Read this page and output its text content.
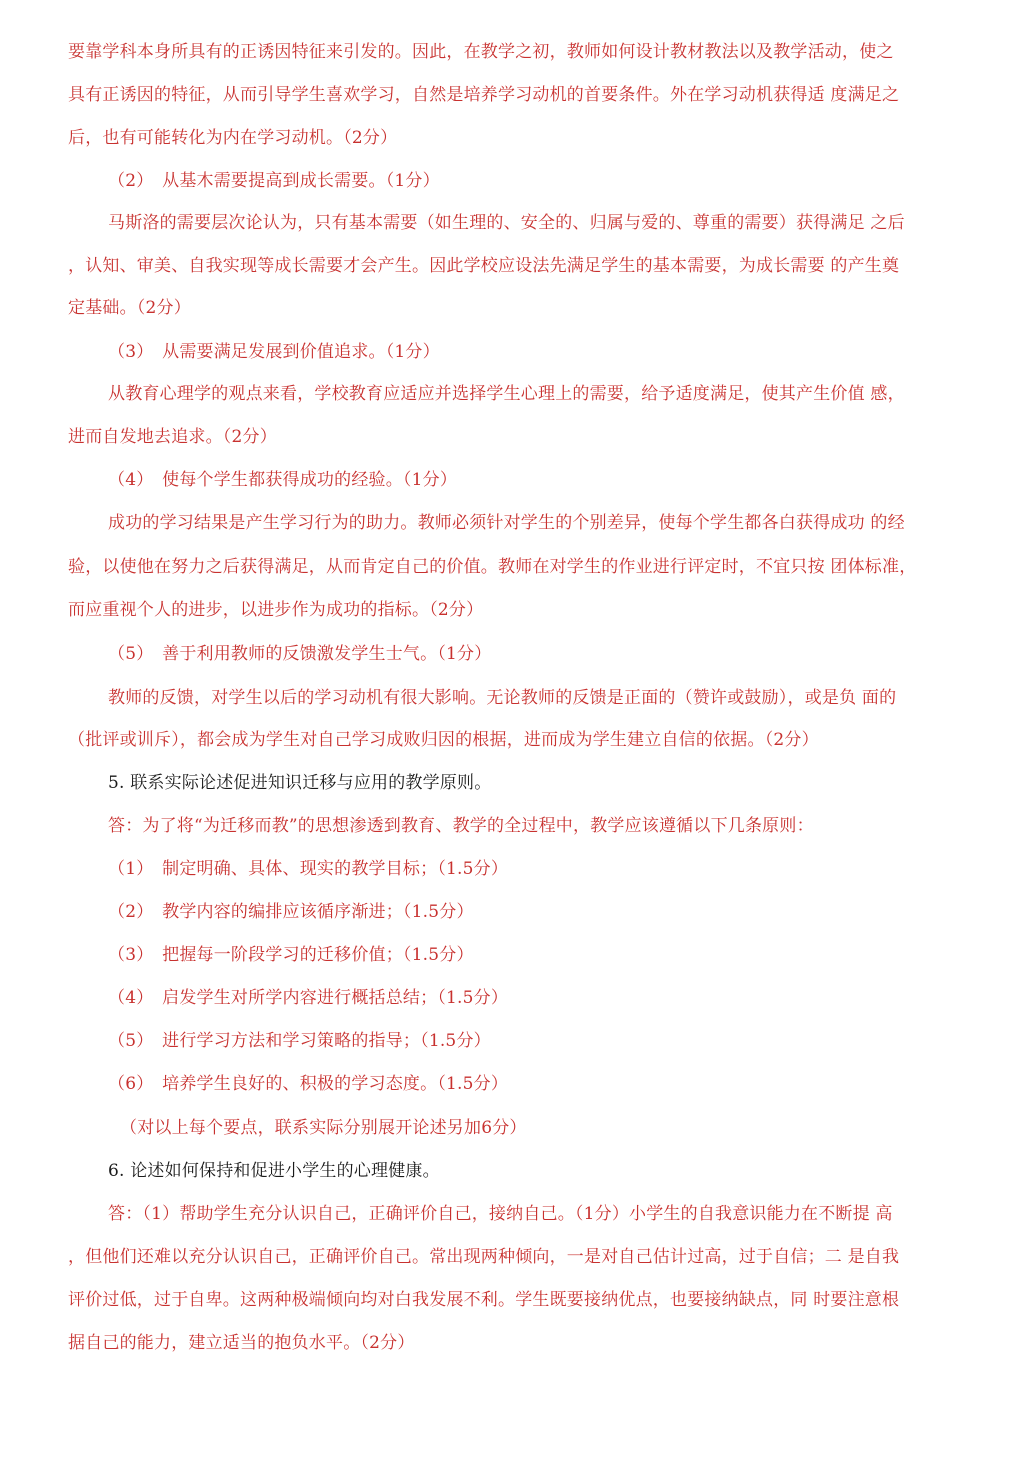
要靠学科本身所具有的正诱因特征来引发的。因此，在教学之初，教师如何设计教材教法以及教学活动，使之
具有正诱因的特征，从而引导学生喜欢学习，自然是培养学习动机的首要条件。外在学习动机获得适 度满足之
后，也有可能转化为内在学习动机。（2分）
（2）　从基木需要提高到成长需要。（1分）
马斯洛的需要层次论认为，只有基本需要（如生理的、安全的、归属与爱的、尊重的需要）获得满足 之后
，认知、审美、自我实现等成长需要才会产生。因此学校应设法先满足学生的基本需要，为成长需要 的产生奠
定基础。（2分）
（3）　从需要满足发展到价值追求。（1分）
从教育心理学的观点来看，学校教育应适应并选择学生心理上的需要，给予适度满足，使其产生价值 感，
进而自发地去追求。（2分）
（4）　使每个学生都获得成功的经验。（1分）
成功的学习结果是产生学习行为的助力。教师必须针对学生的个别差异，使每个学生都各白获得成功 的经
验，以使他在努力之后获得满足，从而肯定自己的价值。教师在对学生的作业进行评定时，不宜只按 团体标准，
而应重视个人的进步，以进步作为成功的指标。（2分）
（5）　善于利用教师的反馈激发学生士气。（1分）
教师的反馈，对学生以后的学习动机有很大影响。无论教师的反馈是正面的（赞许或鼓励），或是负 面的
（批评或训斥），都会成为学生对自己学习成败归因的根据，进而成为学生建立自信的依据。（2分）
5. 联系实际论述促进知识迁移与应用的教学原则。
答：为了将“为迁移而教”的思想渗透到教育、教学的全过程中，教学应该遵循以下几条原则：
（1）　制定明确、具体、现实的教学目标；（1.5分）
（2）　教学内容的编排应该循序渐进；（1.5分）
（3）　把握每一阶段学习的迁移价值；（1.5分）
（4）　启发学生对所学内容进行概括总结；（1.5分）
（5）　进行学习方法和学习策略的指导；（1.5分）
（6）　培养学生良好的、积极的学习态度。（1.5分）
（对以上每个要点，联系实际分别展开论述另加6分）
6. 论述如何保持和促进小学生的心理健康。
答：（1）帮助学生充分认识自己，正确评价自己，接纳自己。（1分）小学生的自我意识能力在不断提 高
，但他们还难以充分认识自己，正确评价自己。常出现两种倾向，一是对自己估计过高，过于自信；二 是自我
评价过低，过于自卑。这两种极端倾向均对白我发展不利。学生既要接纳优点，也要接纳缺点，同 时要注意根
据自己的能力，建立适当的抱负水平。（2分）
